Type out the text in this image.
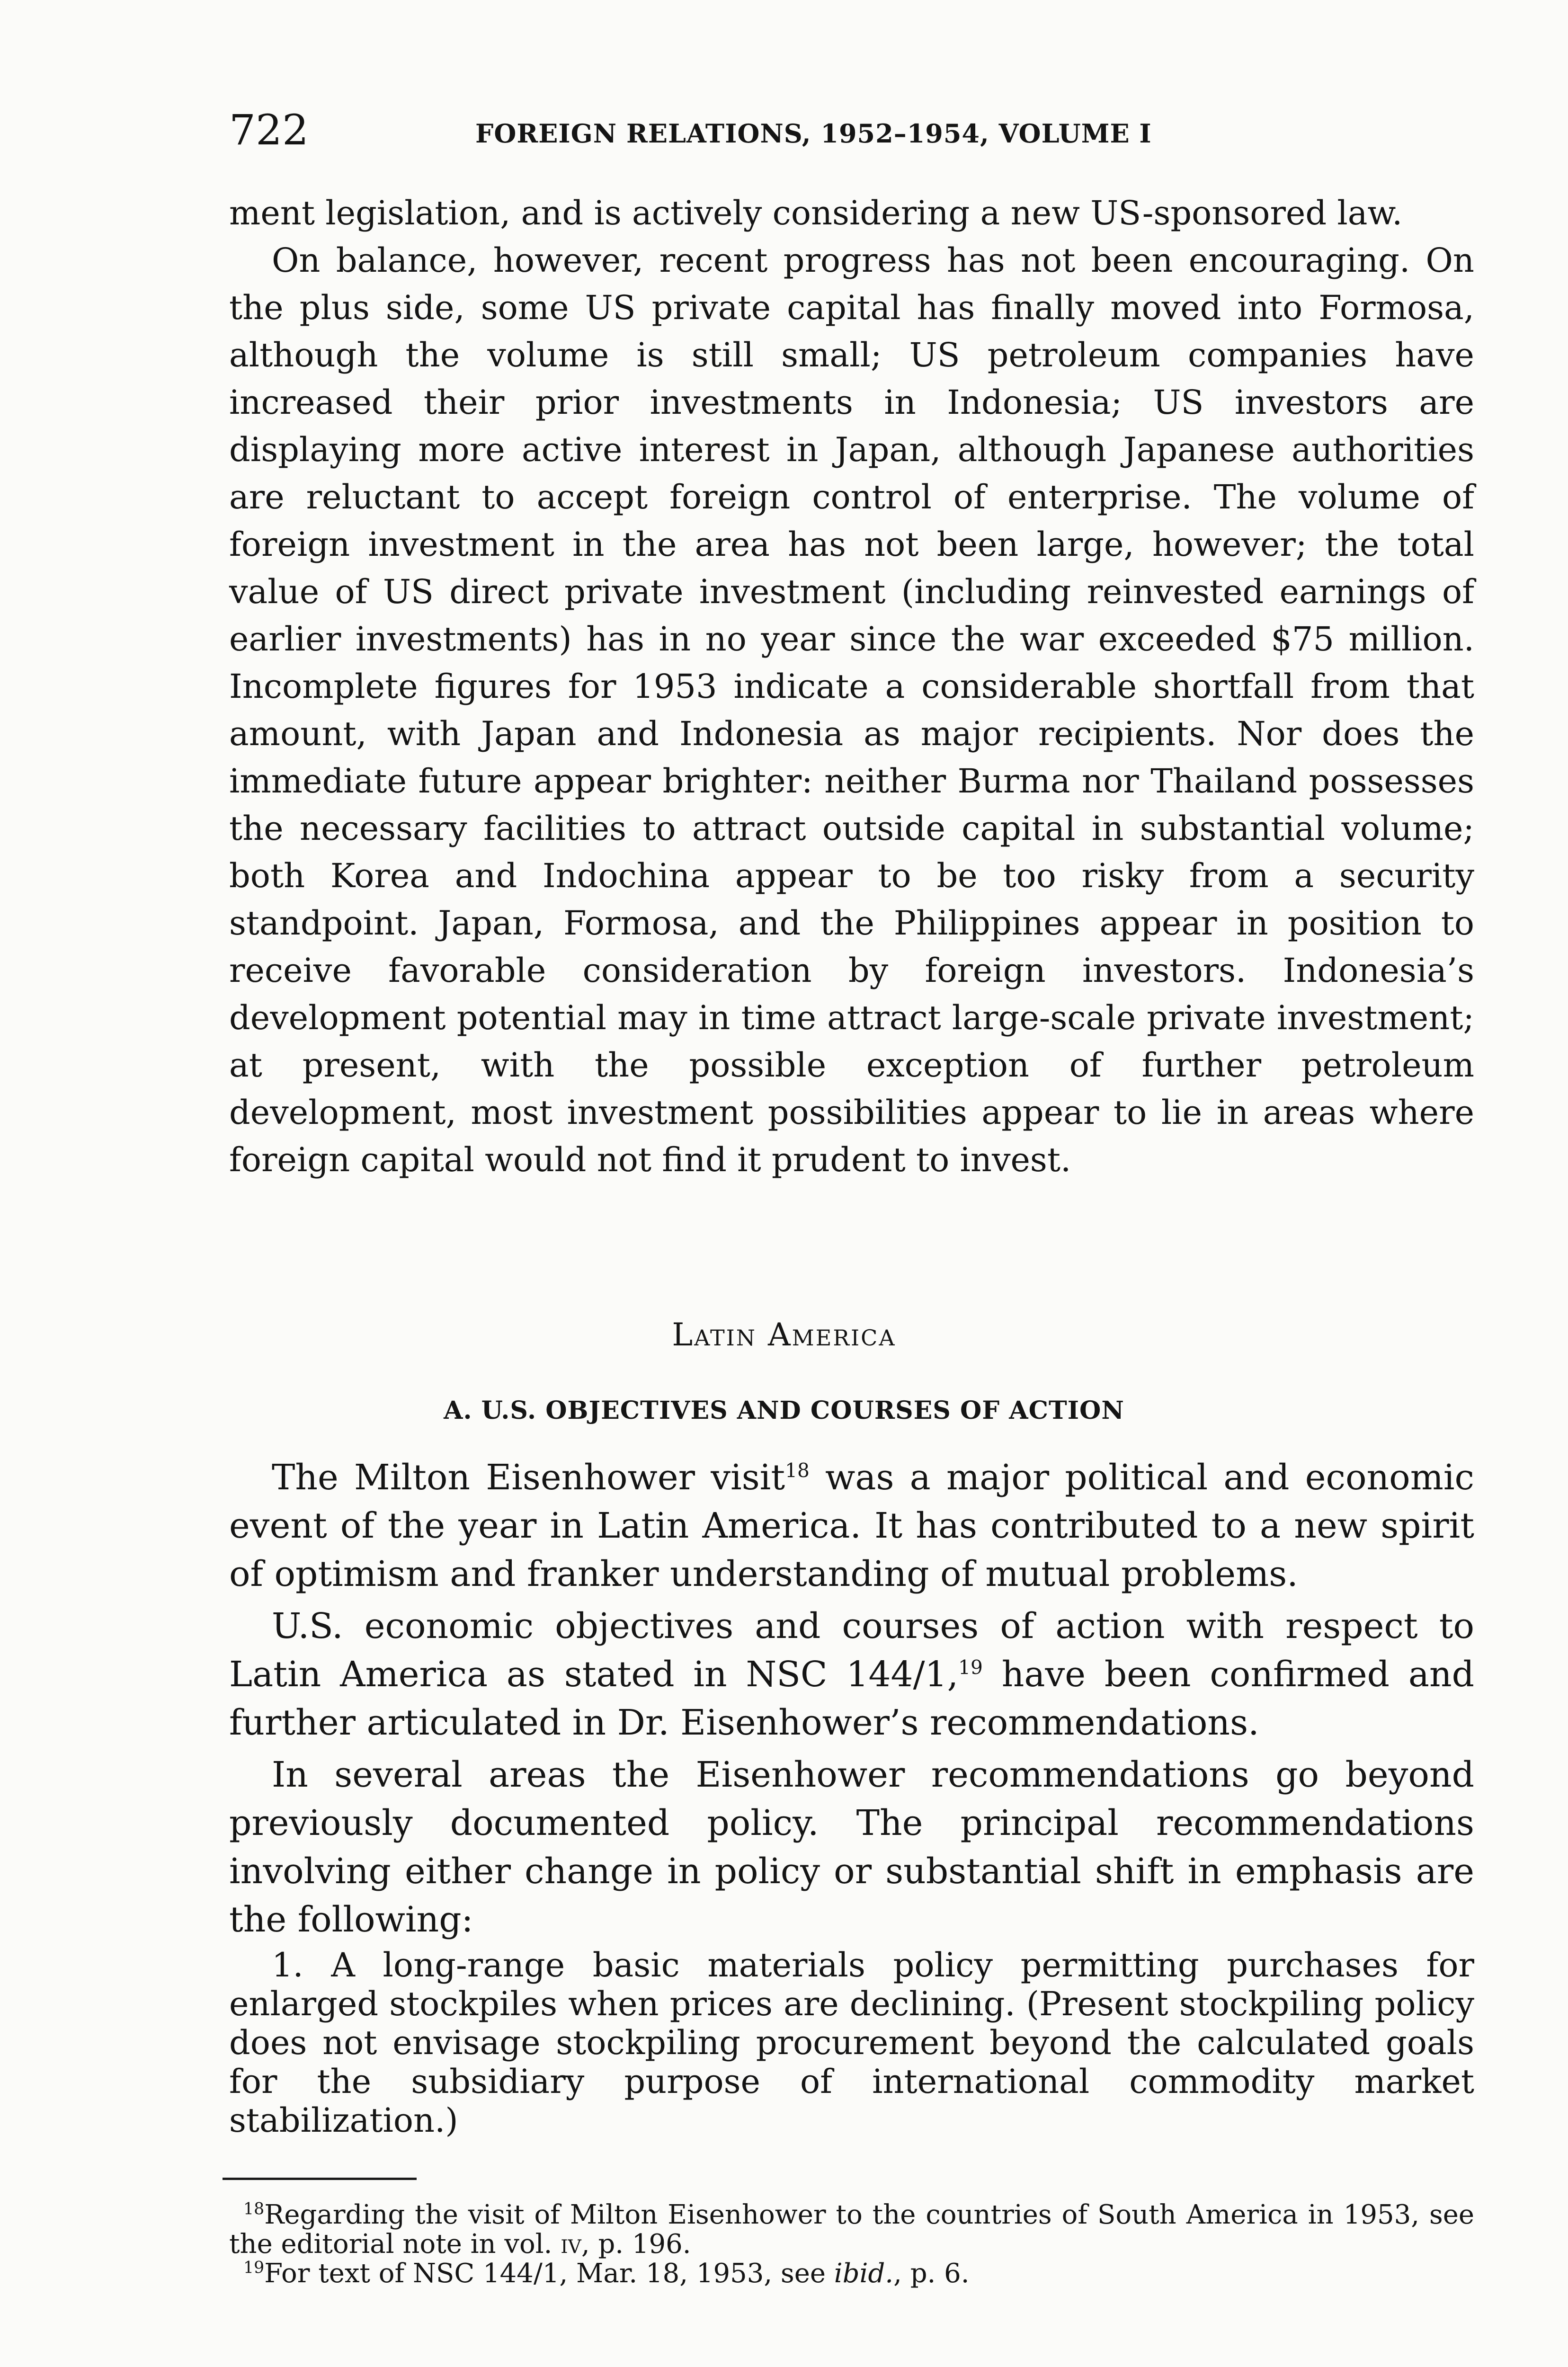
722	FOREIGN RELATIONS, 1952–1954, VOLUME I

ment legislation, and is actively considering a new US-sponsored law.

On balance, however, recent progress has not been encouraging. On the plus side, some US private capital has finally moved into Formosa, although the volume is still small; US petroleum companies have increased their prior investments in Indonesia; US investors are displaying more active interest in Japan, although Japanese authorities are reluctant to accept foreign control of enterprise. The volume of foreign investment in the area has not been large, however; the total value of US direct private investment (including reinvested earnings of earlier investments) has in no year since the war exceeded $75 million. Incomplete figures for 1953 indicate a considerable shortfall from that amount, with Japan and Indonesia as major recipients. Nor does the immediate future appear brighter: neither Burma nor Thailand possesses the necessary facilities to attract outside capital in substantial volume; both Korea and Indochina appear to be too risky from a security standpoint. Japan, Formosa, and the Philippines appear in position to receive favorable consideration by foreign investors. Indonesia’s development potential may in time attract large-scale private investment; at present, with the possible exception of further petroleum development, most investment possibilities appear to lie in areas where foreign capital would not find it prudent to invest.

Latin America
A. U.S. OBJECTIVES AND COURSES OF ACTION

The Milton Eisenhower visit$^{18}$ was a major political and economic event of the year in Latin America. It has contributed to a new spirit of optimism and franker understanding of mutual problems.

U.S. economic objectives and courses of action with respect to Latin America as stated in NSC 144/1,19 have been confirmed and further articulated in Dr. Eisenhower’s recommendations.

In several areas the Eisenhower recommendations go beyond previously documented policy. The principal recommendations involving either change in policy or substantial shift in emphasis are the following:

1. A long-range basic materials policy permitting purchases for enlarged stockpiles when prices are declining. (Present stockpiling policy does not envisage stockpiling procurement beyond the calculated goals for the subsidiary purpose of international commodity market stabilization.)

$^{18}$Regarding the visit of Milton Eisenhower to the countries of South America in 1953, see the editorial note in vol. iv, p. 196.

$^{19}$For text of NSC 144/1, Mar. 18, 1953, see ibid., p. 6.
